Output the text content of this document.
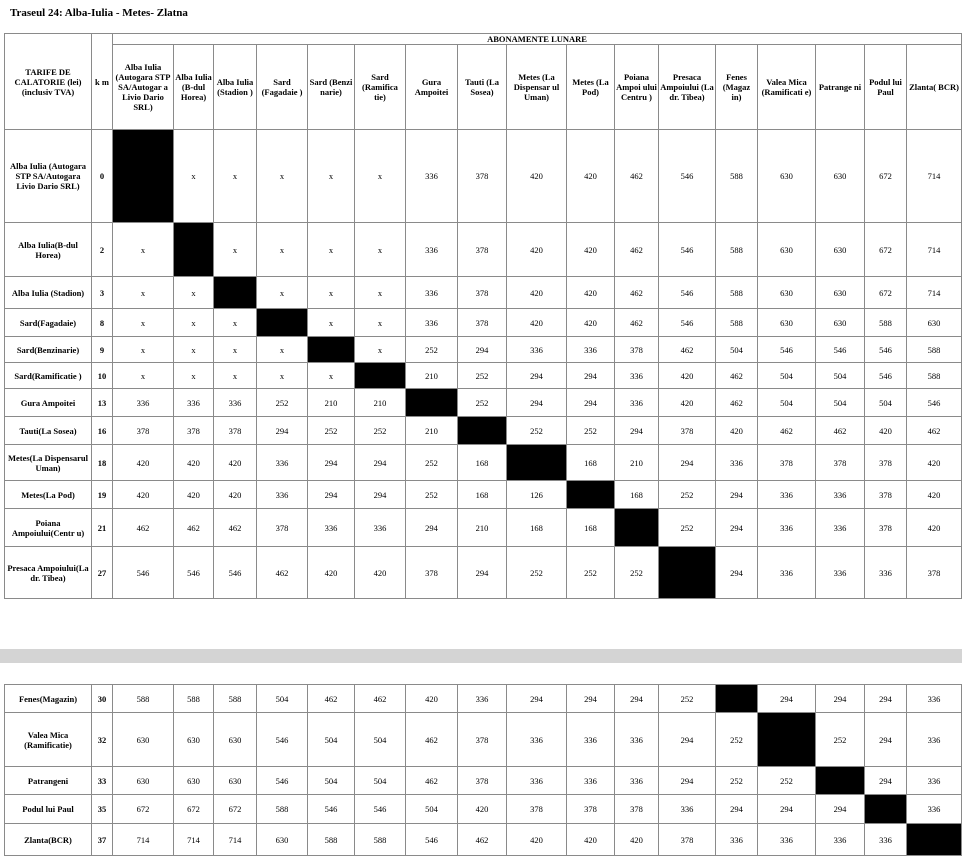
Traseul 24: Alba-Iulia - Metes- Zlatna
TARIFE DE CALATORIE (lei)(inclusiv TVA)	k m	ABONAMENTE LUNARE																
		Alba Iulia (Autogara STP SA/Autogar a Livio Dario SRL)	Alba Iulia (B-dul Horea)	Alba Iulia (Stadion )	Sard (Fagadaie )	Sard (Benzi narie)	Sard (Ramifica tie)	Gura Ampoitei	Tauti (La Sosea)	Metes (La Dispensar ul Uman)	Metes (La Pod)	Poiana Ampoi ului Centru )	Presaca Ampoiului (La dr. Tibea)	Fenes (Magaz in)	Valea Mica (Ramificati e)	Patrange ni	Podul lui Paul	Zlanta( BCR)
Alba Iulia (Autogara STP SA/Autogara Livio Dario SRL)	0		x	x	x	x	x	336	378	420	420	462	546	588	630	630	672	714
Alba Iulia(B-dul Horea)	2	x		x	x	x	x	336	378	420	420	462	546	588	630	630	672	714
Alba Iulia (Stadion)	3	x	x		x	x	x	336	378	420	420	462	546	588	630	630	672	714
Sard(Fagadaie)	8	x	x	x		x	x	336	378	420	420	462	546	588	630	630	588	630
Sard(Benzinarie)	9	x	x	x	x		x	252	294	336	336	378	462	504	546	546	546	588
Sard(Ramificatie )	10	x	x	x	x	x		210	252	294	294	336	420	462	504	504	546	588
Gura Ampoitei	13	336	336	336	252	210	210		252	294	294	336	420	462	504	504	504	546
Tauti(La Sosea)	16	378	378	378	294	252	252	210		252	252	294	378	420	462	462	420	462
Metes(La Dispensarul Uman)	18	420	420	420	336	294	294	252	168		168	210	294	336	378	378	378	420
Metes(La Pod)	19	420	420	420	336	294	294	252	168	126		168	252	294	336	336	378	420
Poiana Ampoiului(Centr u)	21	462	462	462	378	336	336	294	210	168	168		252	294	336	336	378	420
Presaca Ampoiului(La dr. Tibea)	27	546	546	546	462	420	420	378	294	252	252	252		294	336	336	336	378
Fenes(Magazin)	30	588	588	588	504	462	462	420	336	294	294	294	252		294	294	294	336
Valea Mica (Ramificatie)	32	630	630	630	546	504	504	462	378	336	336	336	294	252		252	294	336
Patrangeni	33	630	630	630	546	504	504	462	378	336	336	336	294	252	252		294	336
Podul lui Paul	35	672	672	672	588	546	546	504	420	378	378	378	336	294	294	294		336
Zlanta(BCR)	37	714	714	714	630	588	588	546	462	420	420	420	378	336	336	336	336	
